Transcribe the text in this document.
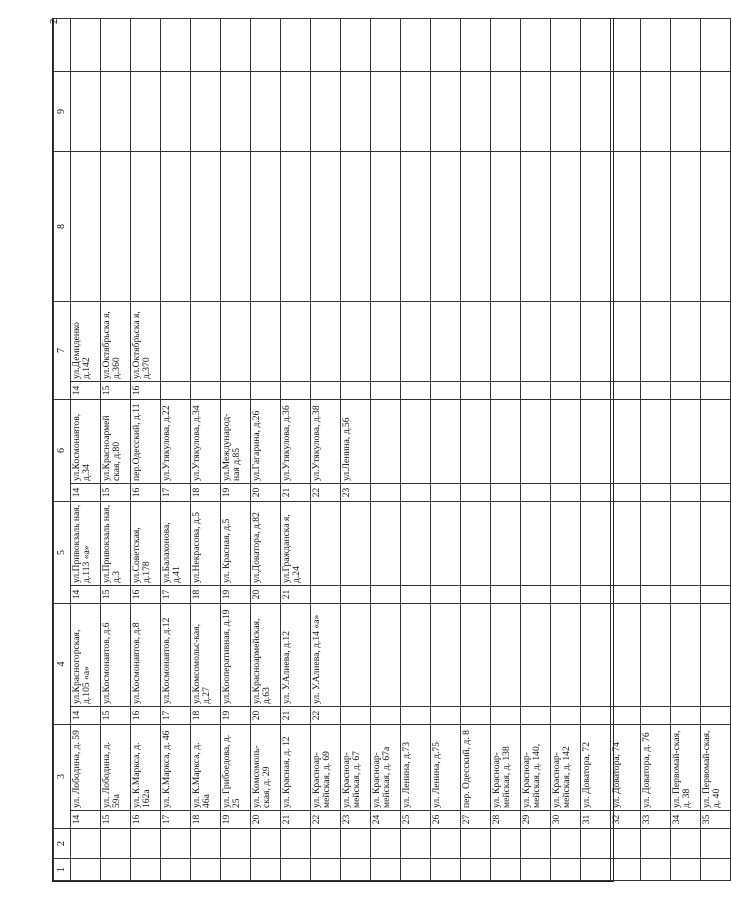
2
1	2	3		4		5		6		7		8	9	
		14	ул. Лободина, д. 59	14	ул.Красногорская, д.105 «а»	14	ул.Привокзаль ная, д.113 «а»	14	ул.Космонавтов, д.34	14	ул.Демиденко д.142			
		15	ул. Лободина, д. 59а	15	ул.Космонавтов, д.6	15	ул.Привокзаль ная, д.3	15	ул.Красноармей ская, д.80	15	ул.Октябрьска я, д.360			
		16	ул. К.Маркса, д. 162а	16	ул.Космонавтов, д.8	16	ул.Советская, д.178	16	пер.Одесский, д.11	16	ул.Октябрьска я, д.370			
		17	ул. К.Маркса, д. 46	17	ул.Космонавтов, д.12	17	ул.Балахонова, д.41	17	ул.Утякулова, д.22					
		18	ул. К.Маркса, д. 46а	18	ул.Комсомольс-кая, д.27	18	ул.Некрасова, д.5	18	ул.Утякулова, д.34					
		19	ул. Грибоедова, д. 25	19	ул.Кооперативная, д.19	19	ул. Красная, д.5	19	ул.Международ-ная д.85					
		20	ул. Комсомоль-ская, д. 29	20	ул.Красноармейская, д.63	20	ул.Доватора, д.82	20	ул.Гагарина, д.26					
		21	ул. Красная, д. 12	21	ул. У.Алиева, д.12	21	ул.Гражданска я, д.24	21	ул.Утякулова, д.36					
		22	ул. Красноар-мейская, д. 69	22	ул. У.Алиева, д.14 «а»			22	ул.Утякулова, д.38					
		23	ул. Красноар-мейская, д. 67					23	ул.Ленина, д.56					
		24	ул. Красноар-мейская, д. 67а											
		25	ул. Ленина, д.73											
		26	ул. Ленина, д.75											
		27	пер. Одесский, д. 8											
		28	ул. Красноар-мейская, д. 138											
		29	ул. Красноар-мейская, д. 140,											
		30	ул. Красноар-мейская, д. 142											
		31	ул. Доватора, 72											
		32	ул. Доватора, 74											
		33	ул. Доватора, д. 76											
		34	ул. Первомай-ская, д. 38											
		35	ул. Первомай-ская, д. 40											
